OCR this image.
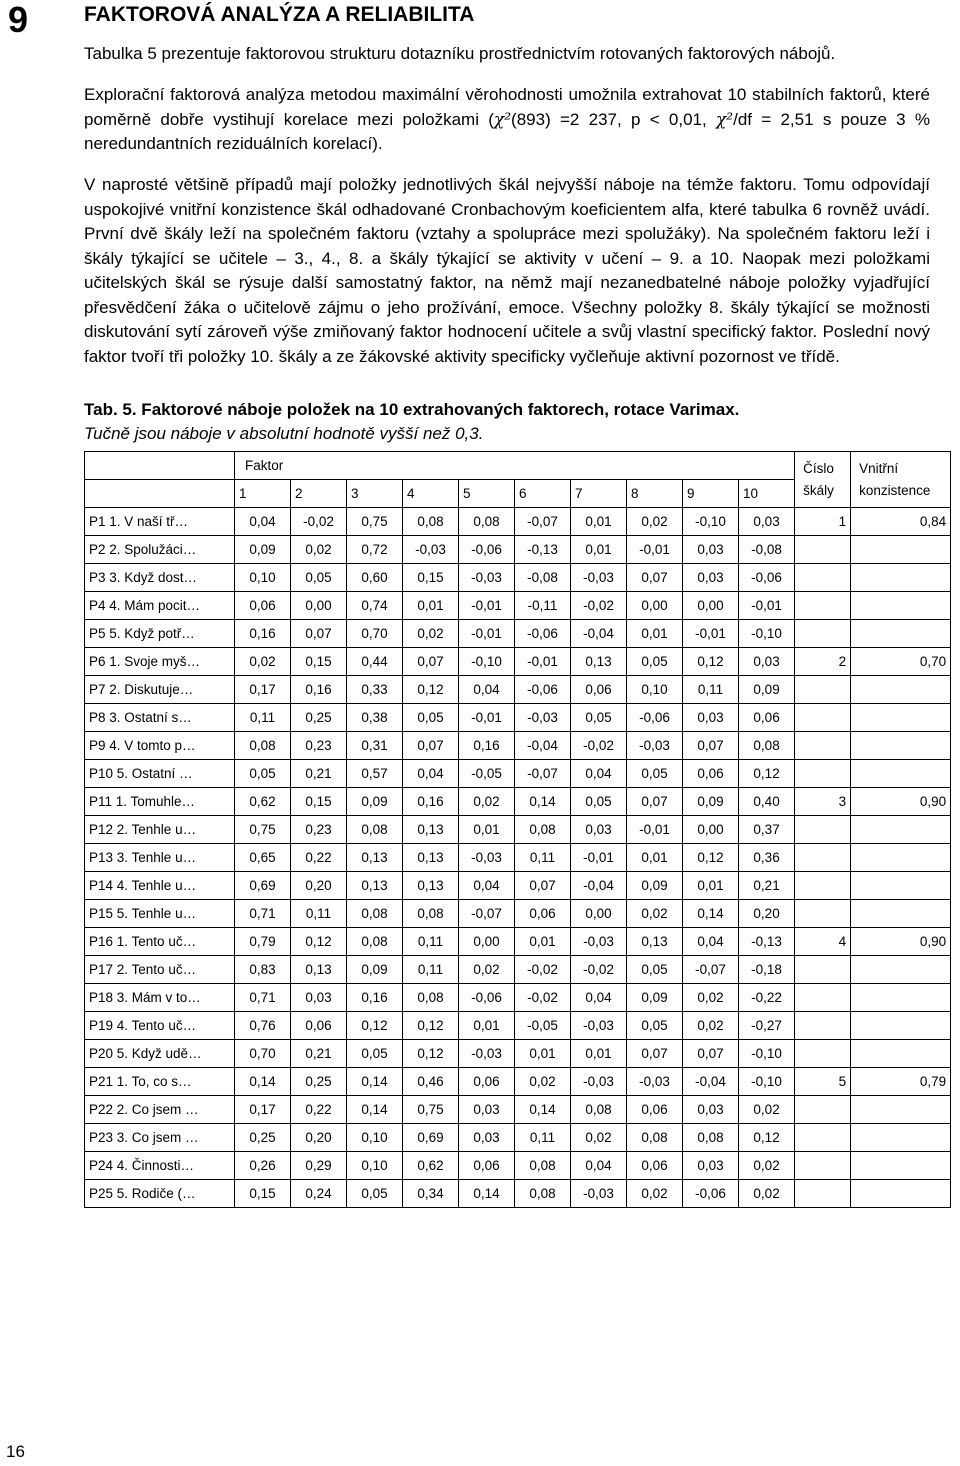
9	FAKTOROVÁ ANALÝZA A RELIABILITA
Tabulka 5 prezentuje faktorovou strukturu dotazníku prostřednictvím rotovaných faktorových nábojů.
Explorační faktorová analýza metodou maximální věrohodnosti umožnila extrahovat 10 stabilních faktorů, které poměrně dobře vystihují korelace mezi položkami (χ²(893) =2 237, p < 0,01, χ²/df = 2,51 s pouze 3 % neredundantních reziduálních korelací).
V naprosté většině případů mají položky jednotlivých škál nejvyšší náboje na témže faktoru. Tomu odpovídají uspokojivé vnitřní konzistence škál odhadované Cronbachovým koeficientem alfa, které tabulka 6 rovněž uvádí. První dvě škály leží na společném faktoru (vztahy a spolupráce mezi spolužáky). Na společném faktoru leží i škály týkající se učitele – 3., 4., 8. a škály týkající se aktivity v učení – 9. a 10. Naopak mezi položkami učitelských škál se rýsuje další samostatný faktor, na němž mají nezanedbatelné náboje položky vyjadřující přesvědčení žáka o učitelově zájmu o jeho prožívání, emoce. Všechny položky 8. škály týkající se možnosti diskutování sytí zároveň výše zmiňovaný faktor hodnocení učitele a svůj vlastní specifický faktor. Poslední nový faktor tvoří tři položky 10. škály a ze žákovské aktivity specificky vyčleňuje aktivní pozornost ve třídě.
Tab. 5. Faktorové náboje položek na 10 extrahovaných faktorech, rotace Varimax.
Tučně jsou náboje v absolutní hodnotě vyšší než 0,3.
	Faktor										Číslo škály	Vnitřní konzistence
	1	2	3	4	5	6	7	8	9	10		
P1 1. V naší tř…	0,04	-0,02	0,75	0,08	0,08	-0,07	0,01	0,02	-0,10	0,03	1	0,84
P2 2. Spolužáci…	0,09	0,02	0,72	-0,03	-0,06	-0,13	0,01	-0,01	0,03	-0,08		
P3 3. Když dost…	0,10	0,05	0,60	0,15	-0,03	-0,08	-0,03	0,07	0,03	-0,06		
P4 4. Mám pocit…	0,06	0,00	0,74	0,01	-0,01	-0,11	-0,02	0,00	0,00	-0,01		
P5 5. Když potř…	0,16	0,07	0,70	0,02	-0,01	-0,06	-0,04	0,01	-0,01	-0,10		
P6 1. Svoje myš…	0,02	0,15	0,44	0,07	-0,10	-0,01	0,13	0,05	0,12	0,03	2	0,70
P7 2. Diskutuje…	0,17	0,16	0,33	0,12	0,04	-0,06	0,06	0,10	0,11	0,09		
P8 3. Ostatní s…	0,11	0,25	0,38	0,05	-0,01	-0,03	0,05	-0,06	0,03	0,06		
P9 4. V tomto p…	0,08	0,23	0,31	0,07	0,16	-0,04	-0,02	-0,03	0,07	0,08		
P10 5. Ostatní …	0,05	0,21	0,57	0,04	-0,05	-0,07	0,04	0,05	0,06	0,12		
P11 1. Tomuhle…	0,62	0,15	0,09	0,16	0,02	0,14	0,05	0,07	0,09	0,40	3	0,90
P12 2. Tenhle u…	0,75	0,23	0,08	0,13	0,01	0,08	0,03	-0,01	0,00	0,37		
P13 3. Tenhle u…	0,65	0,22	0,13	0,13	-0,03	0,11	-0,01	0,01	0,12	0,36		
P14 4. Tenhle u…	0,69	0,20	0,13	0,13	0,04	0,07	-0,04	0,09	0,01	0,21		
P15 5. Tenhle u…	0,71	0,11	0,08	0,08	-0,07	0,06	0,00	0,02	0,14	0,20		
P16 1. Tento uč…	0,79	0,12	0,08	0,11	0,00	0,01	-0,03	0,13	0,04	-0,13	4	0,90
P17 2. Tento uč…	0,83	0,13	0,09	0,11	0,02	-0,02	-0,02	0,05	-0,07	-0,18		
P18 3. Mám v to…	0,71	0,03	0,16	0,08	-0,06	-0,02	0,04	0,09	0,02	-0,22		
P19 4. Tento uč…	0,76	0,06	0,12	0,12	0,01	-0,05	-0,03	0,05	0,02	-0,27		
P20 5. Když udě…	0,70	0,21	0,05	0,12	-0,03	0,01	0,01	0,07	0,07	-0,10		
P21 1. To, co s…	0,14	0,25	0,14	0,46	0,06	0,02	-0,03	-0,03	-0,04	-0,10	5	0,79
P22 2. Co jsem …	0,17	0,22	0,14	0,75	0,03	0,14	0,08	0,06	0,03	0,02		
P23 3. Co jsem …	0,25	0,20	0,10	0,69	0,03	0,11	0,02	0,08	0,08	0,12		
P24 4. Činnosti…	0,26	0,29	0,10	0,62	0,06	0,08	0,04	0,06	0,03	0,02		
P25 5. Rodiče (…	0,15	0,24	0,05	0,34	0,14	0,08	-0,03	0,02	-0,06	0,02		
16
